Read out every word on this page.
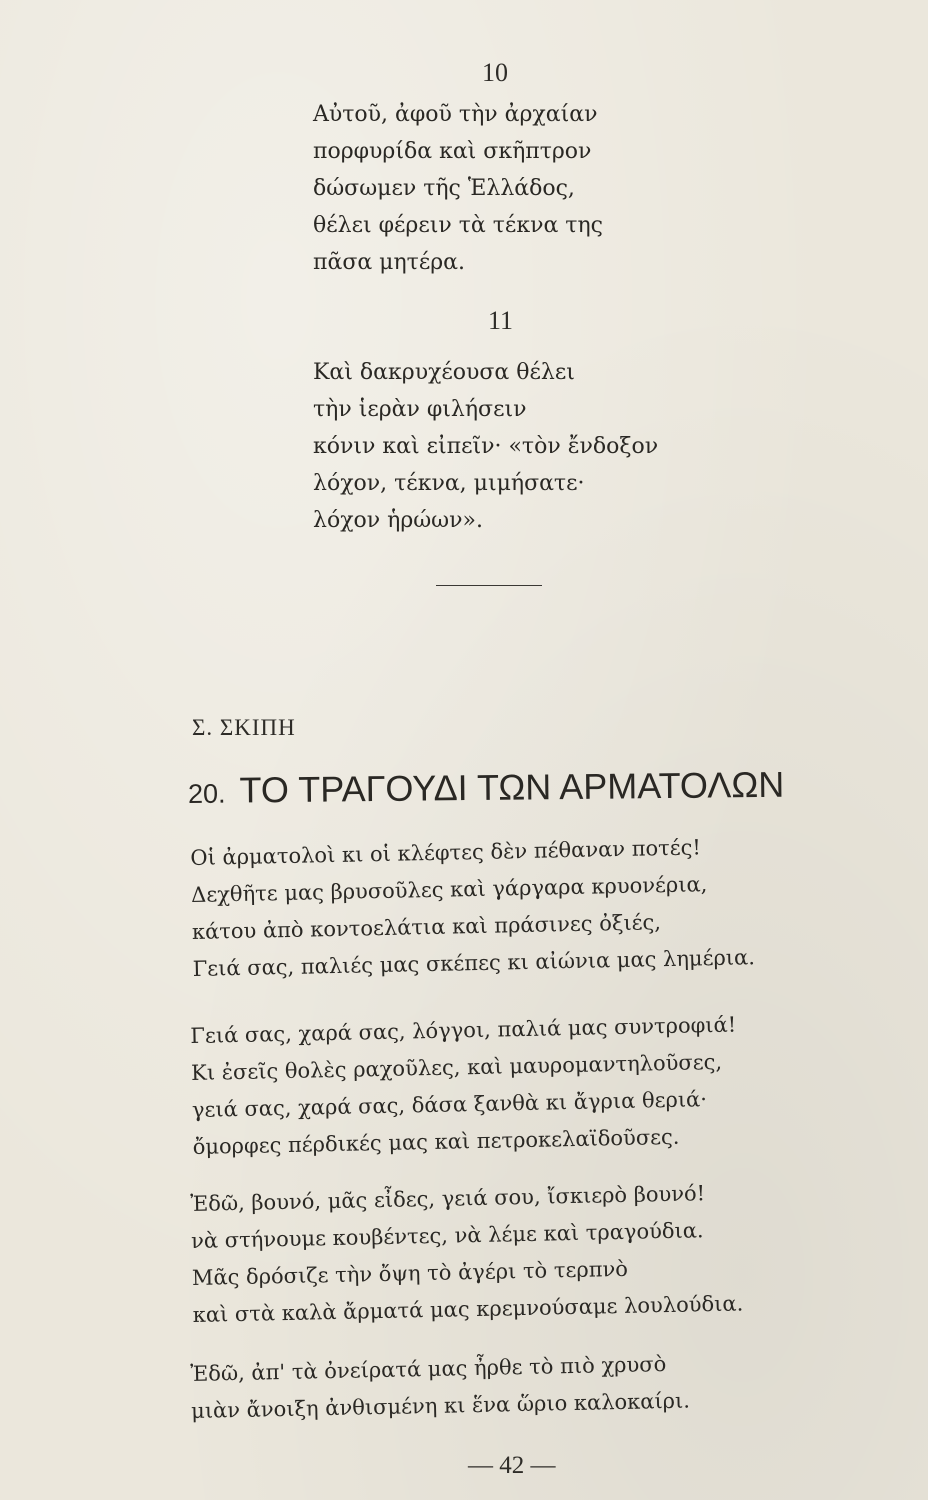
10
Αὐτοῦ, ἀφοῦ τὴν ἀρχαίαν
πορφυρίδα καὶ σκῆπτρον
δώσωμεν τῆς Ἑλλάδος,
θέλει φέρειν τὰ τέκνα της
πᾶσα μητέρα.
11
Καὶ δακρυχέουσα θέλει
τὴν ἱερὰν φιλήσειν
κόνιν καὶ εἰπεῖν· «τὸν ἔνδοξον
λόχον, τέκνα, μιμήσατε·
λόχον ἡρώων».
Σ. ΣΚΙΠΗ
20. ΤΟ ΤΡΑΓΟΥΔΙ ΤΩΝ ΑΡΜΑΤΟΛΩΝ
Οἱ ἀρματολοὶ κι οἱ κλέφτες δὲν πέθαναν ποτές!
Δεχθῆτε μας βρυσοῦλες καὶ γάργαρα κρυονέρια,
κάτου ἀπὸ κοντοελάτια καὶ πράσινες ὀξιές,
Γειά σας, παλιές μας σκέπες κι αἰώνια μας λημέρια.
Γειά σας, χαρά σας, λόγγοι, παλιά μας συντροφιά!
Κι ἐσεῖς θολὲς ραχοῦλες, καὶ μαυρομαντηλοῦσες,
γειά σας, χαρά σας, δάσα ξανθὰ κι ἄγρια θεριά·
ὄμορφες πέρδικές μας καὶ πετροκελαϊδοῦσες.
Ἐδῶ, βουνό, μᾶς εἶδες, γειά σου, ἴσκιερὸ βουνό!
νὰ στήνουμε κουβέντες, νὰ λέμε καὶ τραγούδια.
Μᾶς δρόσιζε τὴν ὄψη τὸ ἀγέρι τὸ τερπνὸ
καὶ στὰ καλὰ ἄρματά μας κρεμνούσαμε λουλούδια.
Ἐδῶ, ἀπ' τὰ ὀνείρατά μας ἦρθε τὸ πιὸ χρυσὸ
μιὰν ἄνοιξη ἀνθισμένη κι ἕνα ὥριο καλοκαίρι.
— 42 —
